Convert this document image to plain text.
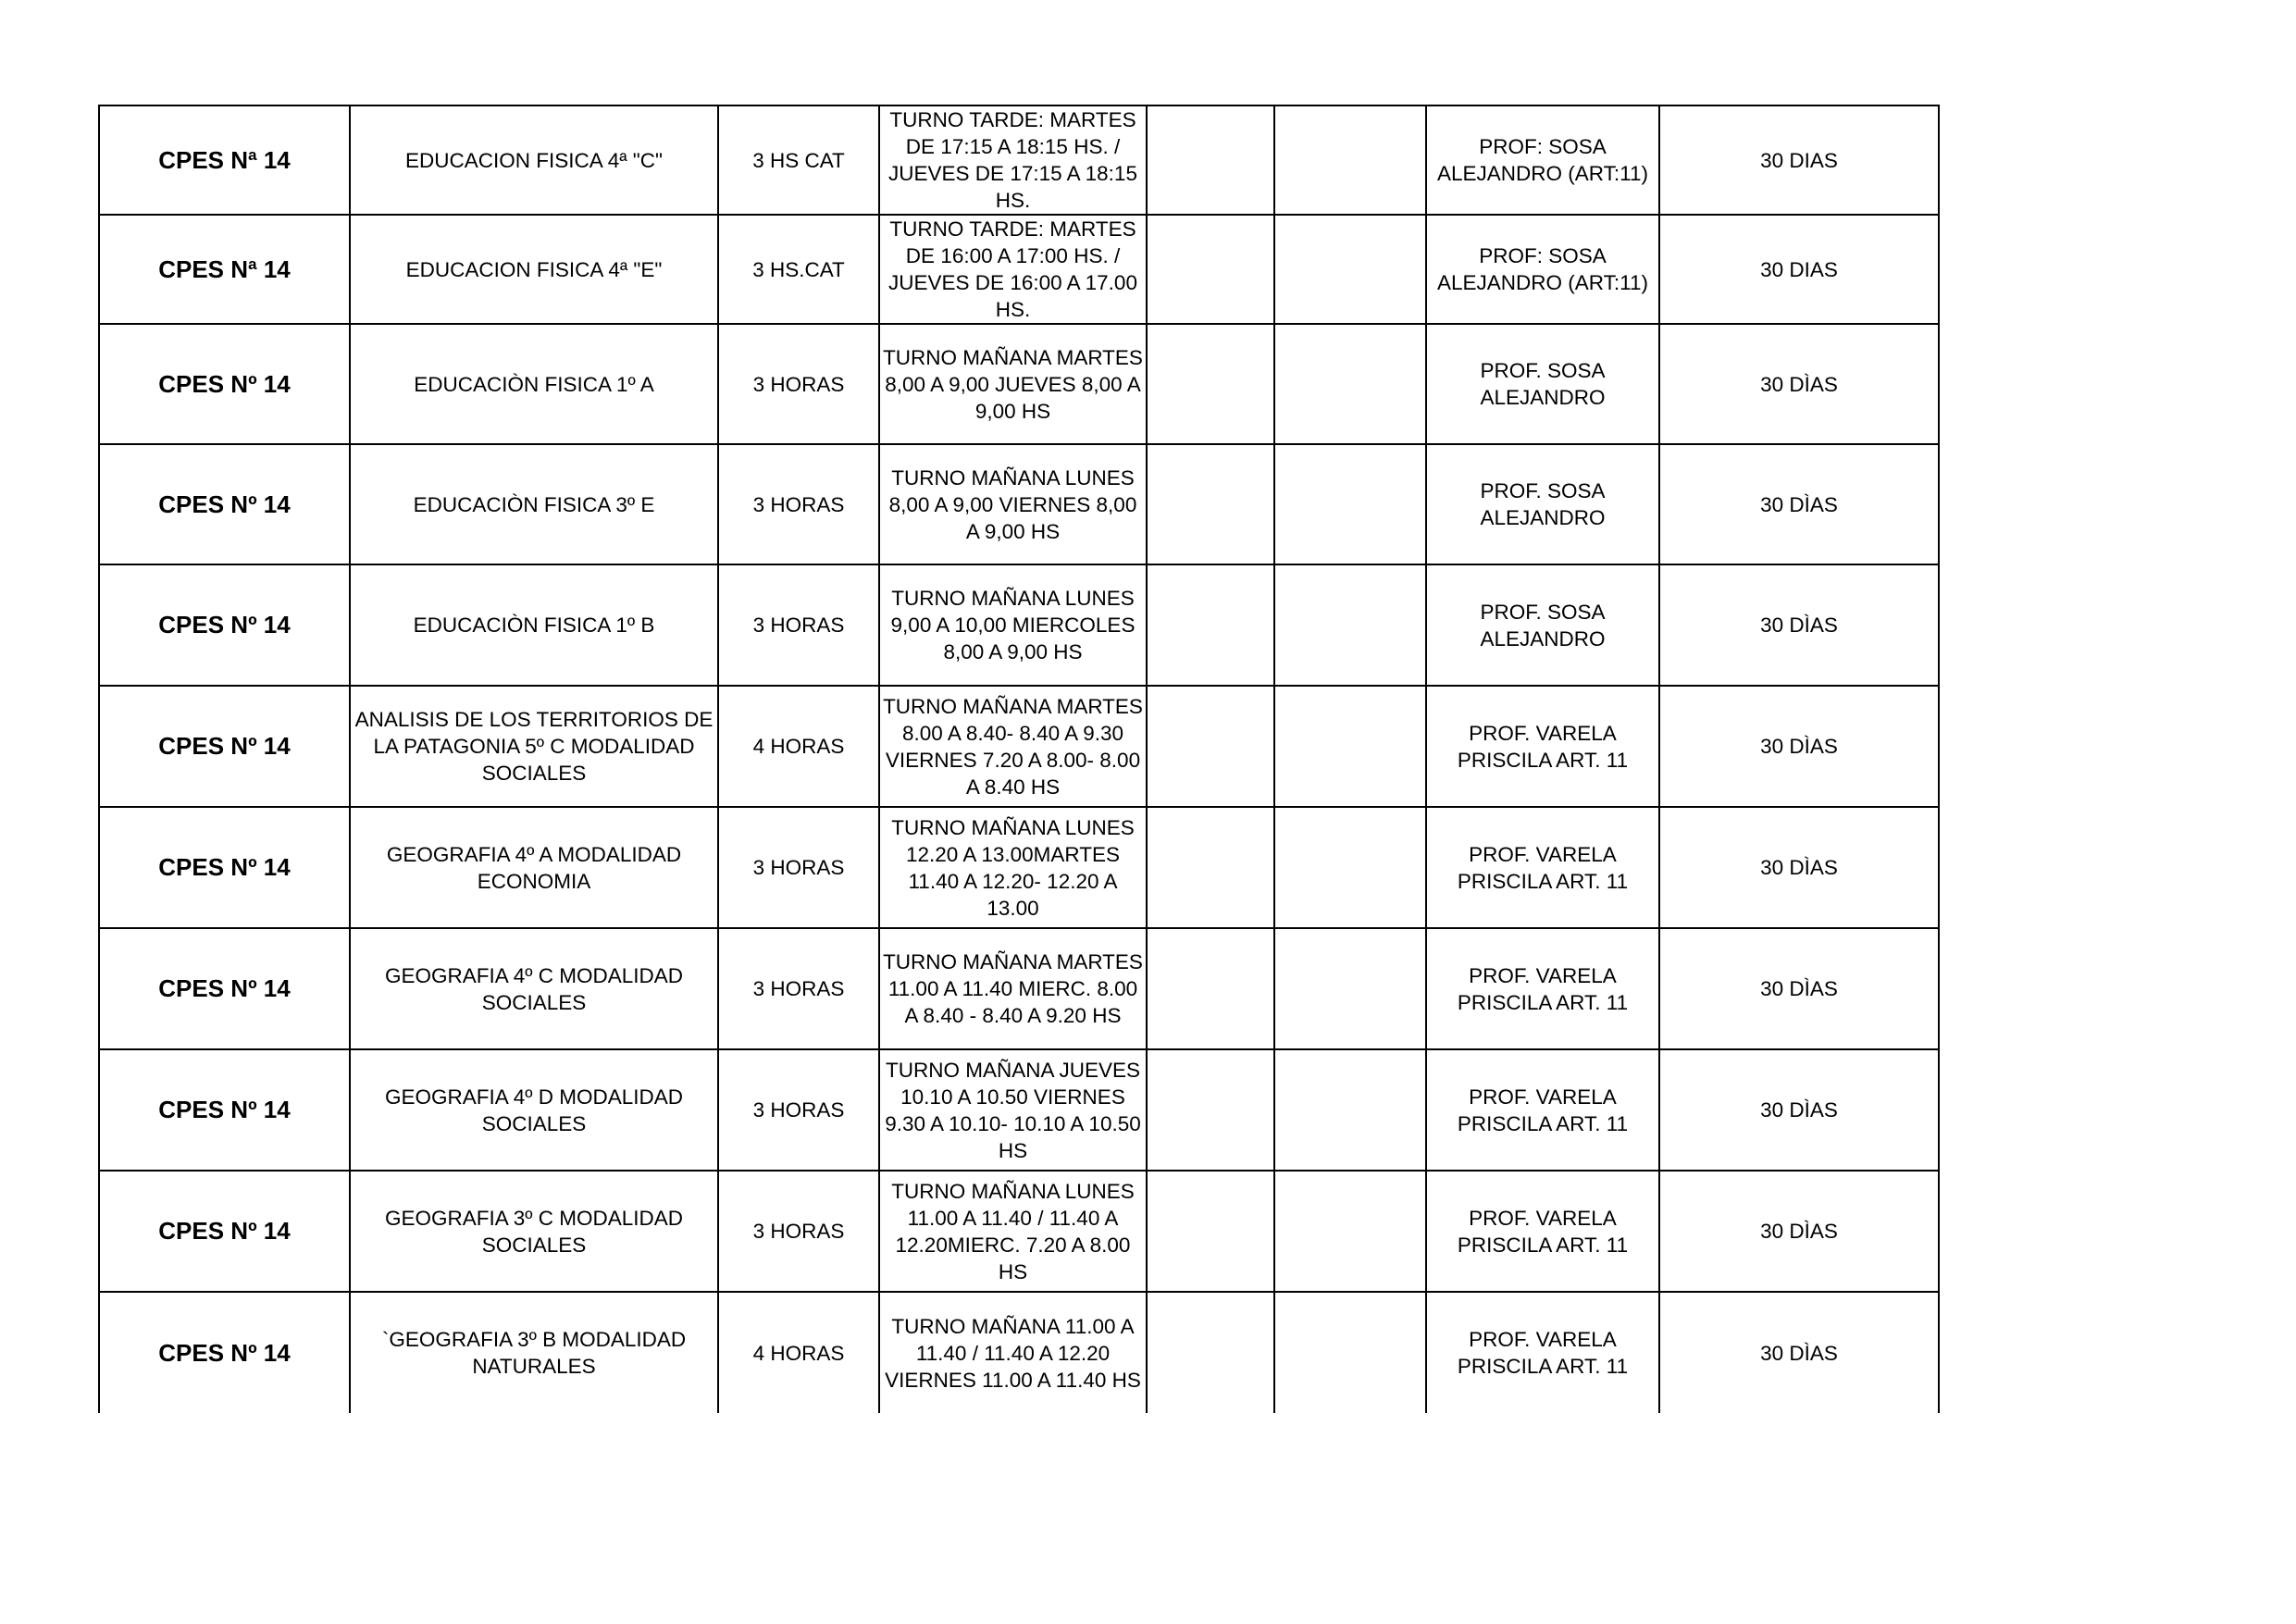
CPES Nª 14	EDUCACION FISICA 4ª "C"	3 HS CAT	TURNO TARDE: MARTES DE 17:15 A 18:15 HS. / JUEVES DE 17:15 A 18:15 HS.			PROF: SOSA ALEJANDRO (ART:11)	30 DIAS

CPES Nª 14	EDUCACION FISICA 4ª "E"	3 HS.CAT	TURNO TARDE: MARTES DE 16:00 A 17:00 HS. / JUEVES DE 16:00 A 17.00 HS.			PROF: SOSA ALEJANDRO (ART:11)	30 DIAS

CPES Nº 14	EDUCACIÒN FISICA 1º A	3 HORAS	TURNO MAÑANA MARTES 8,00 A 9,00 JUEVES 8,00 A 9,00 HS			PROF. SOSA ALEJANDRO	30 DÌAS

CPES Nº 14	EDUCACIÒN FISICA 3º E	3 HORAS	TURNO MAÑANA LUNES 8,00 A 9,00 VIERNES 8,00 A 9,00 HS			PROF. SOSA ALEJANDRO	30 DÌAS

CPES Nº 14	EDUCACIÒN FISICA 1º B	3 HORAS	TURNO MAÑANA LUNES 9,00 A 10,00 MIERCOLES 8,00 A 9,00 HS			PROF. SOSA ALEJANDRO	30 DÌAS

CPES Nº 14	ANALISIS DE LOS TERRITORIOS DE LA PATAGONIA 5º C MODALIDAD SOCIALES	4 HORAS	TURNO MAÑANA MARTES 8.00 A 8.40- 8.40 A 9.30 VIERNES 7.20 A 8.00- 8.00 A 8.40 HS			PROF. VARELA PRISCILA ART. 11	30 DÌAS

CPES Nº 14	GEOGRAFIA 4º A MODALIDAD ECONOMIA	3 HORAS	TURNO MAÑANA LUNES 12.20 A 13.00MARTES 11.40 A 12.20- 12.20 A 13.00			PROF. VARELA PRISCILA ART. 11	30 DÌAS

CPES Nº 14	GEOGRAFIA 4º C MODALIDAD SOCIALES	3 HORAS	TURNO MAÑANA MARTES 11.00 A 11.40 MIERC. 8.00 A 8.40 - 8.40 A 9.20 HS			PROF. VARELA PRISCILA ART. 11	30 DÌAS

CPES Nº 14	GEOGRAFIA 4º D MODALIDAD SOCIALES	3 HORAS	TURNO MAÑANA JUEVES 10.10 A 10.50 VIERNES 9.30 A 10.10- 10.10 A 10.50 HS			PROF. VARELA PRISCILA ART. 11	30 DÌAS

CPES Nº 14	GEOGRAFIA 3º C MODALIDAD SOCIALES	3 HORAS	TURNO MAÑANA LUNES 11.00 A 11.40 / 11.40 A 12.20MIERC. 7.20 A 8.00 HS			PROF. VARELA PRISCILA ART. 11	30 DÌAS

CPES Nº 14	`GEOGRAFIA 3º B MODALIDAD NATURALES	4 HORAS	TURNO MAÑANA 11.00 A 11.40 / 11.40 A 12.20 VIERNES 11.00 A 11.40 HS			PROF. VARELA PRISCILA ART. 11	30 DÌAS
